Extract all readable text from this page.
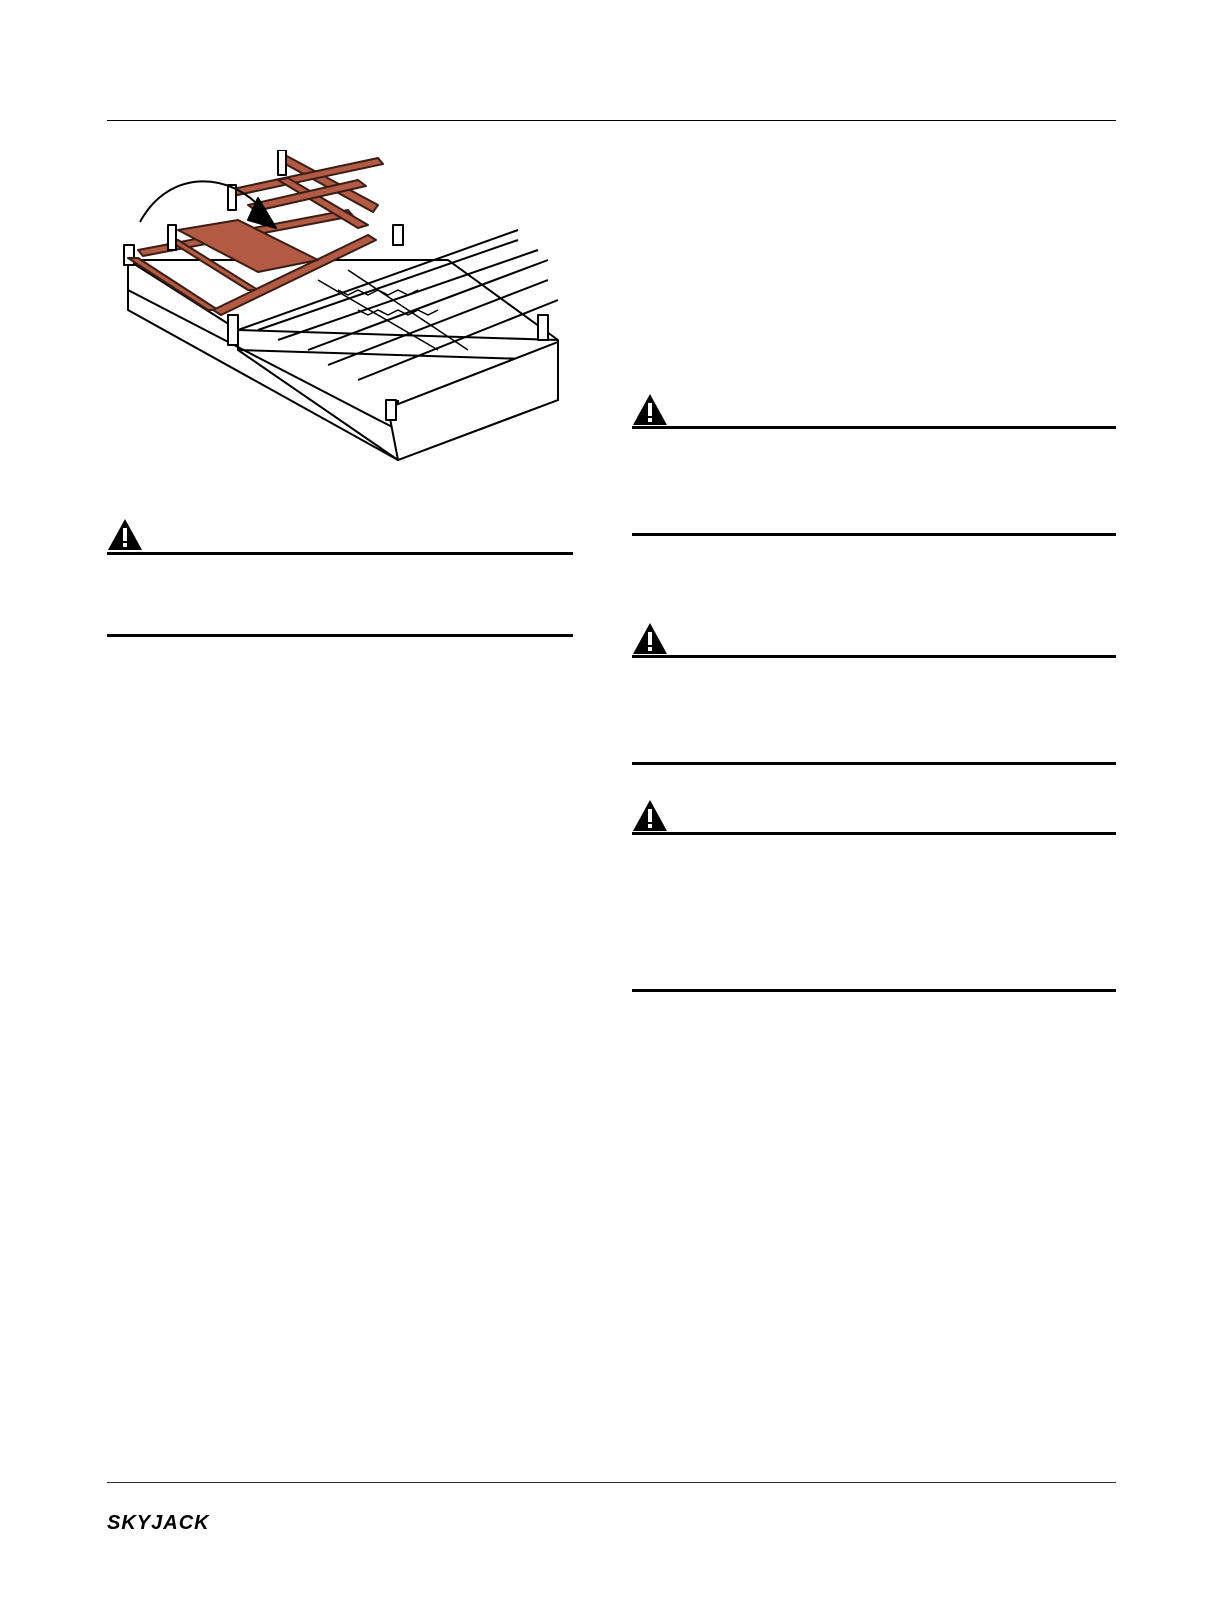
SKYJACK
